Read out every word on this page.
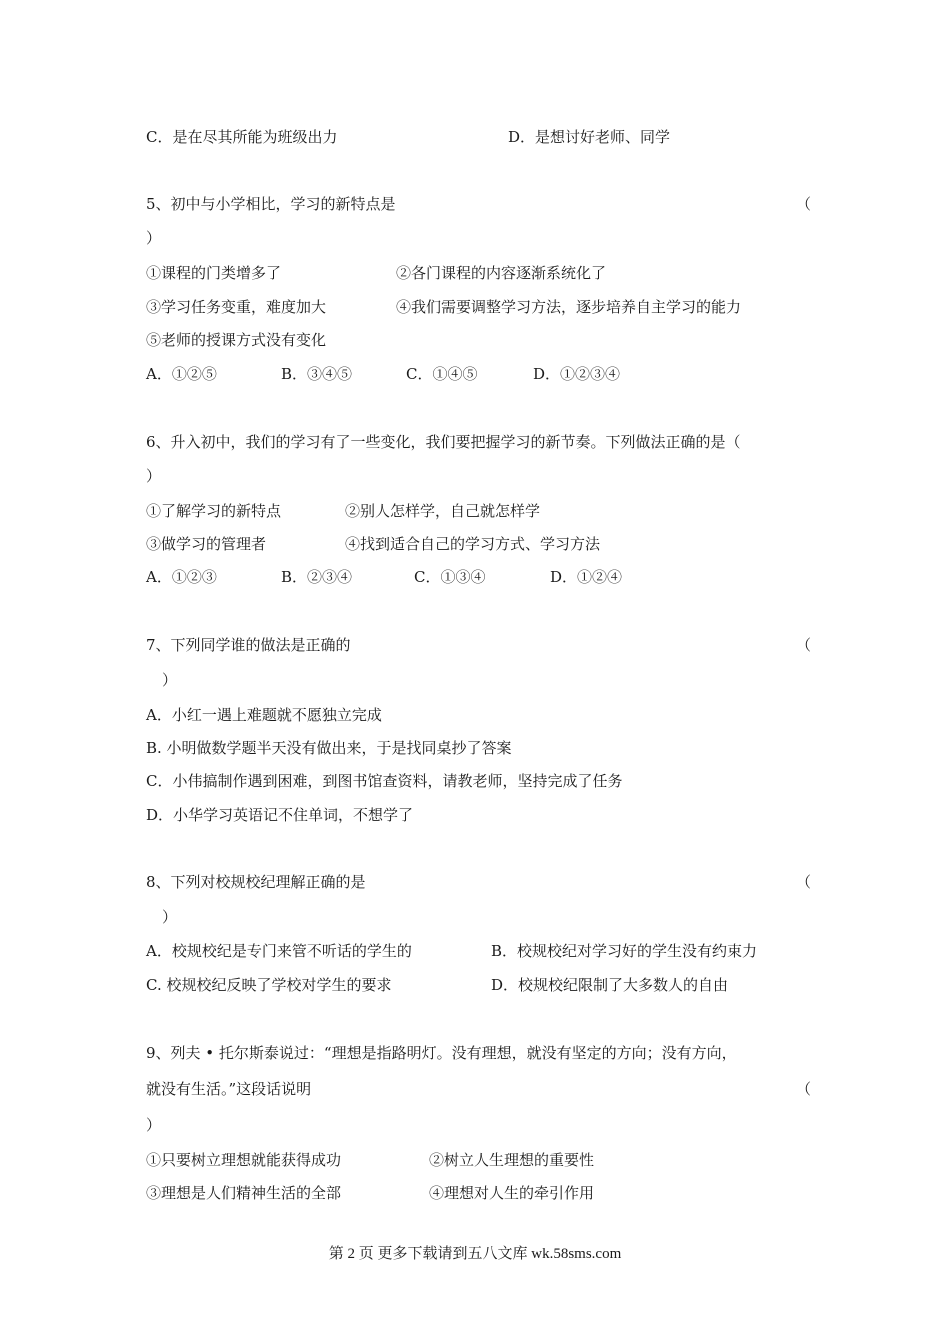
C．是在尽其所能为班级出力	D．是想讨好老师、同学
5、初中与小学相比，学习的新特点是	（
）
①课程的门类增多了	②各门课程的内容逐渐系统化了
③学习任务变重，难度加大	④我们需要调整学习方法，逐步培养自主学习的能力
⑤老师的授课方式没有变化
A．①②⑤	B．③④⑤	C．①④⑤	D．①②③④
6、升入初中，我们的学习有了一些变化，我们要把握学习的新节奏。下列做法正确的是（
）
①了解学习的新特点	②别人怎样学，自己就怎样学
③做学习的管理者	④找到适合自己的学习方式、学习方法
A．①②③	B．②③④	C．①③④	D．①②④
7、下列同学谁的做法是正确的	（
）
A．小红一遇上难题就不愿独立完成
B. 小明做数学题半天没有做出来，于是找同桌抄了答案
C．小伟搞制作遇到困难，到图书馆查资料，请教老师，坚持完成了任务
D．小华学习英语记不住单词，不想学了
8、下列对校规校纪理解正确的是	（
）
A．校规校纪是专门来管不听话的学生的	B．校规校纪对学习好的学生没有约束力
C. 校规校纪反映了学校对学生的要求	D．校规校纪限制了大多数人的自由
9、列夫 • 托尔斯泰说过：“理想是指路明灯。没有理想，就没有坚定的方向；没有方向，
就没有生活。”这段话说明	（
）
①只要树立理想就能获得成功	②树立人生理想的重要性
③理想是人们精神生活的全部	④理想对人生的牵引作用
第 2 页 更多下载请到五八文库 wk.58sms.com
